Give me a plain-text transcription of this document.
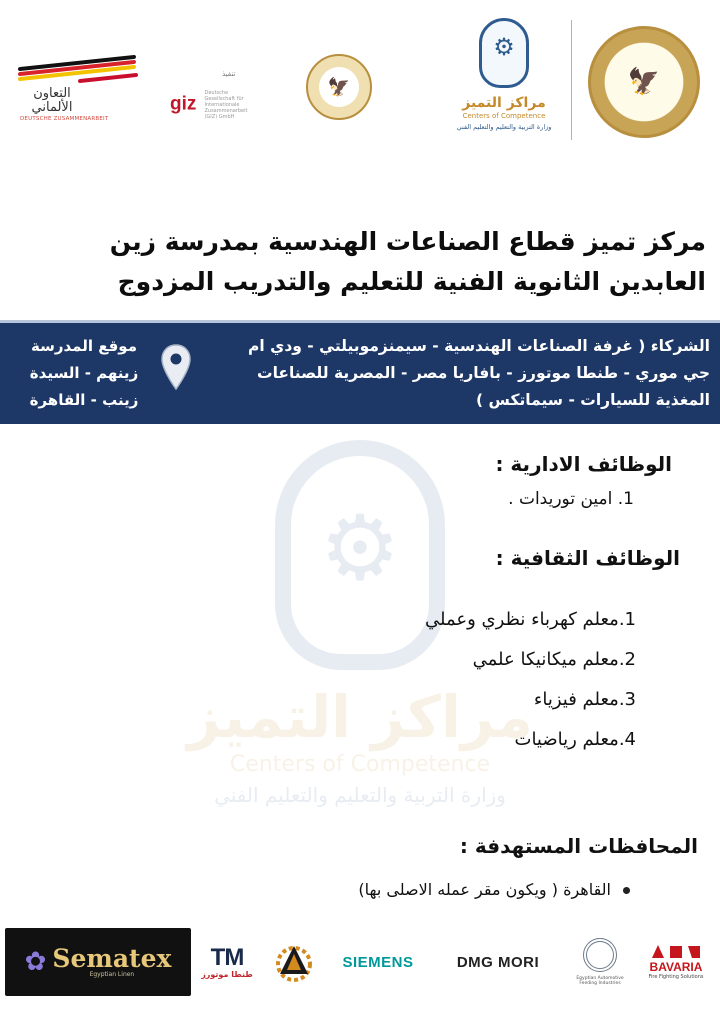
🦅
⚙
مراكز التميز
Centers of Competence
وزارة التربية والتعليم والتعليم الفني
🦅
تنفيذ
giz Deutsche Gesellschaft für Internationale Zusammenarbeit (GIZ) GmbH
التعاون الألماني
DEUTSCHE ZUSAMMENARBEIT
مركز تميز قطاع الصناعات الهندسية بمدرسة زين العابدين الثانوية الفنية للتعليم والتدريب المزدوج
الشركاء ( غرفة الصناعات الهندسية - سيمنزموبيلتي - ودي ام جي موري - طنطا موتورز - بافاريا مصر - المصرية للصناعات المغذية للسيارات - سيماتكس )
موقع المدرسة
زينهم - السيدة
زينب - القاهرة
⚙
مراكز التميز
Centers of Competence
وزارة التربية والتعليم والتعليم الفني
الوظائف الادارية :
1. امين توريدات .
الوظائف الثقافية :
1.معلم كهرباء نظري وعملي
2.معلم ميكانيكا علمي
3.معلم فيزياء
4.معلم رياضيات
المحافظات المستهدفة :
القاهرة ( ويكون مقر عمله الاصلى بها)
✿ Sematex
Egyptian Linen
TM
طنطا موتورز
SIEMENS	DMG MORI
Egyptian Automotive Feeding Industries
BAVARIA
Fire Fighting Solutions
